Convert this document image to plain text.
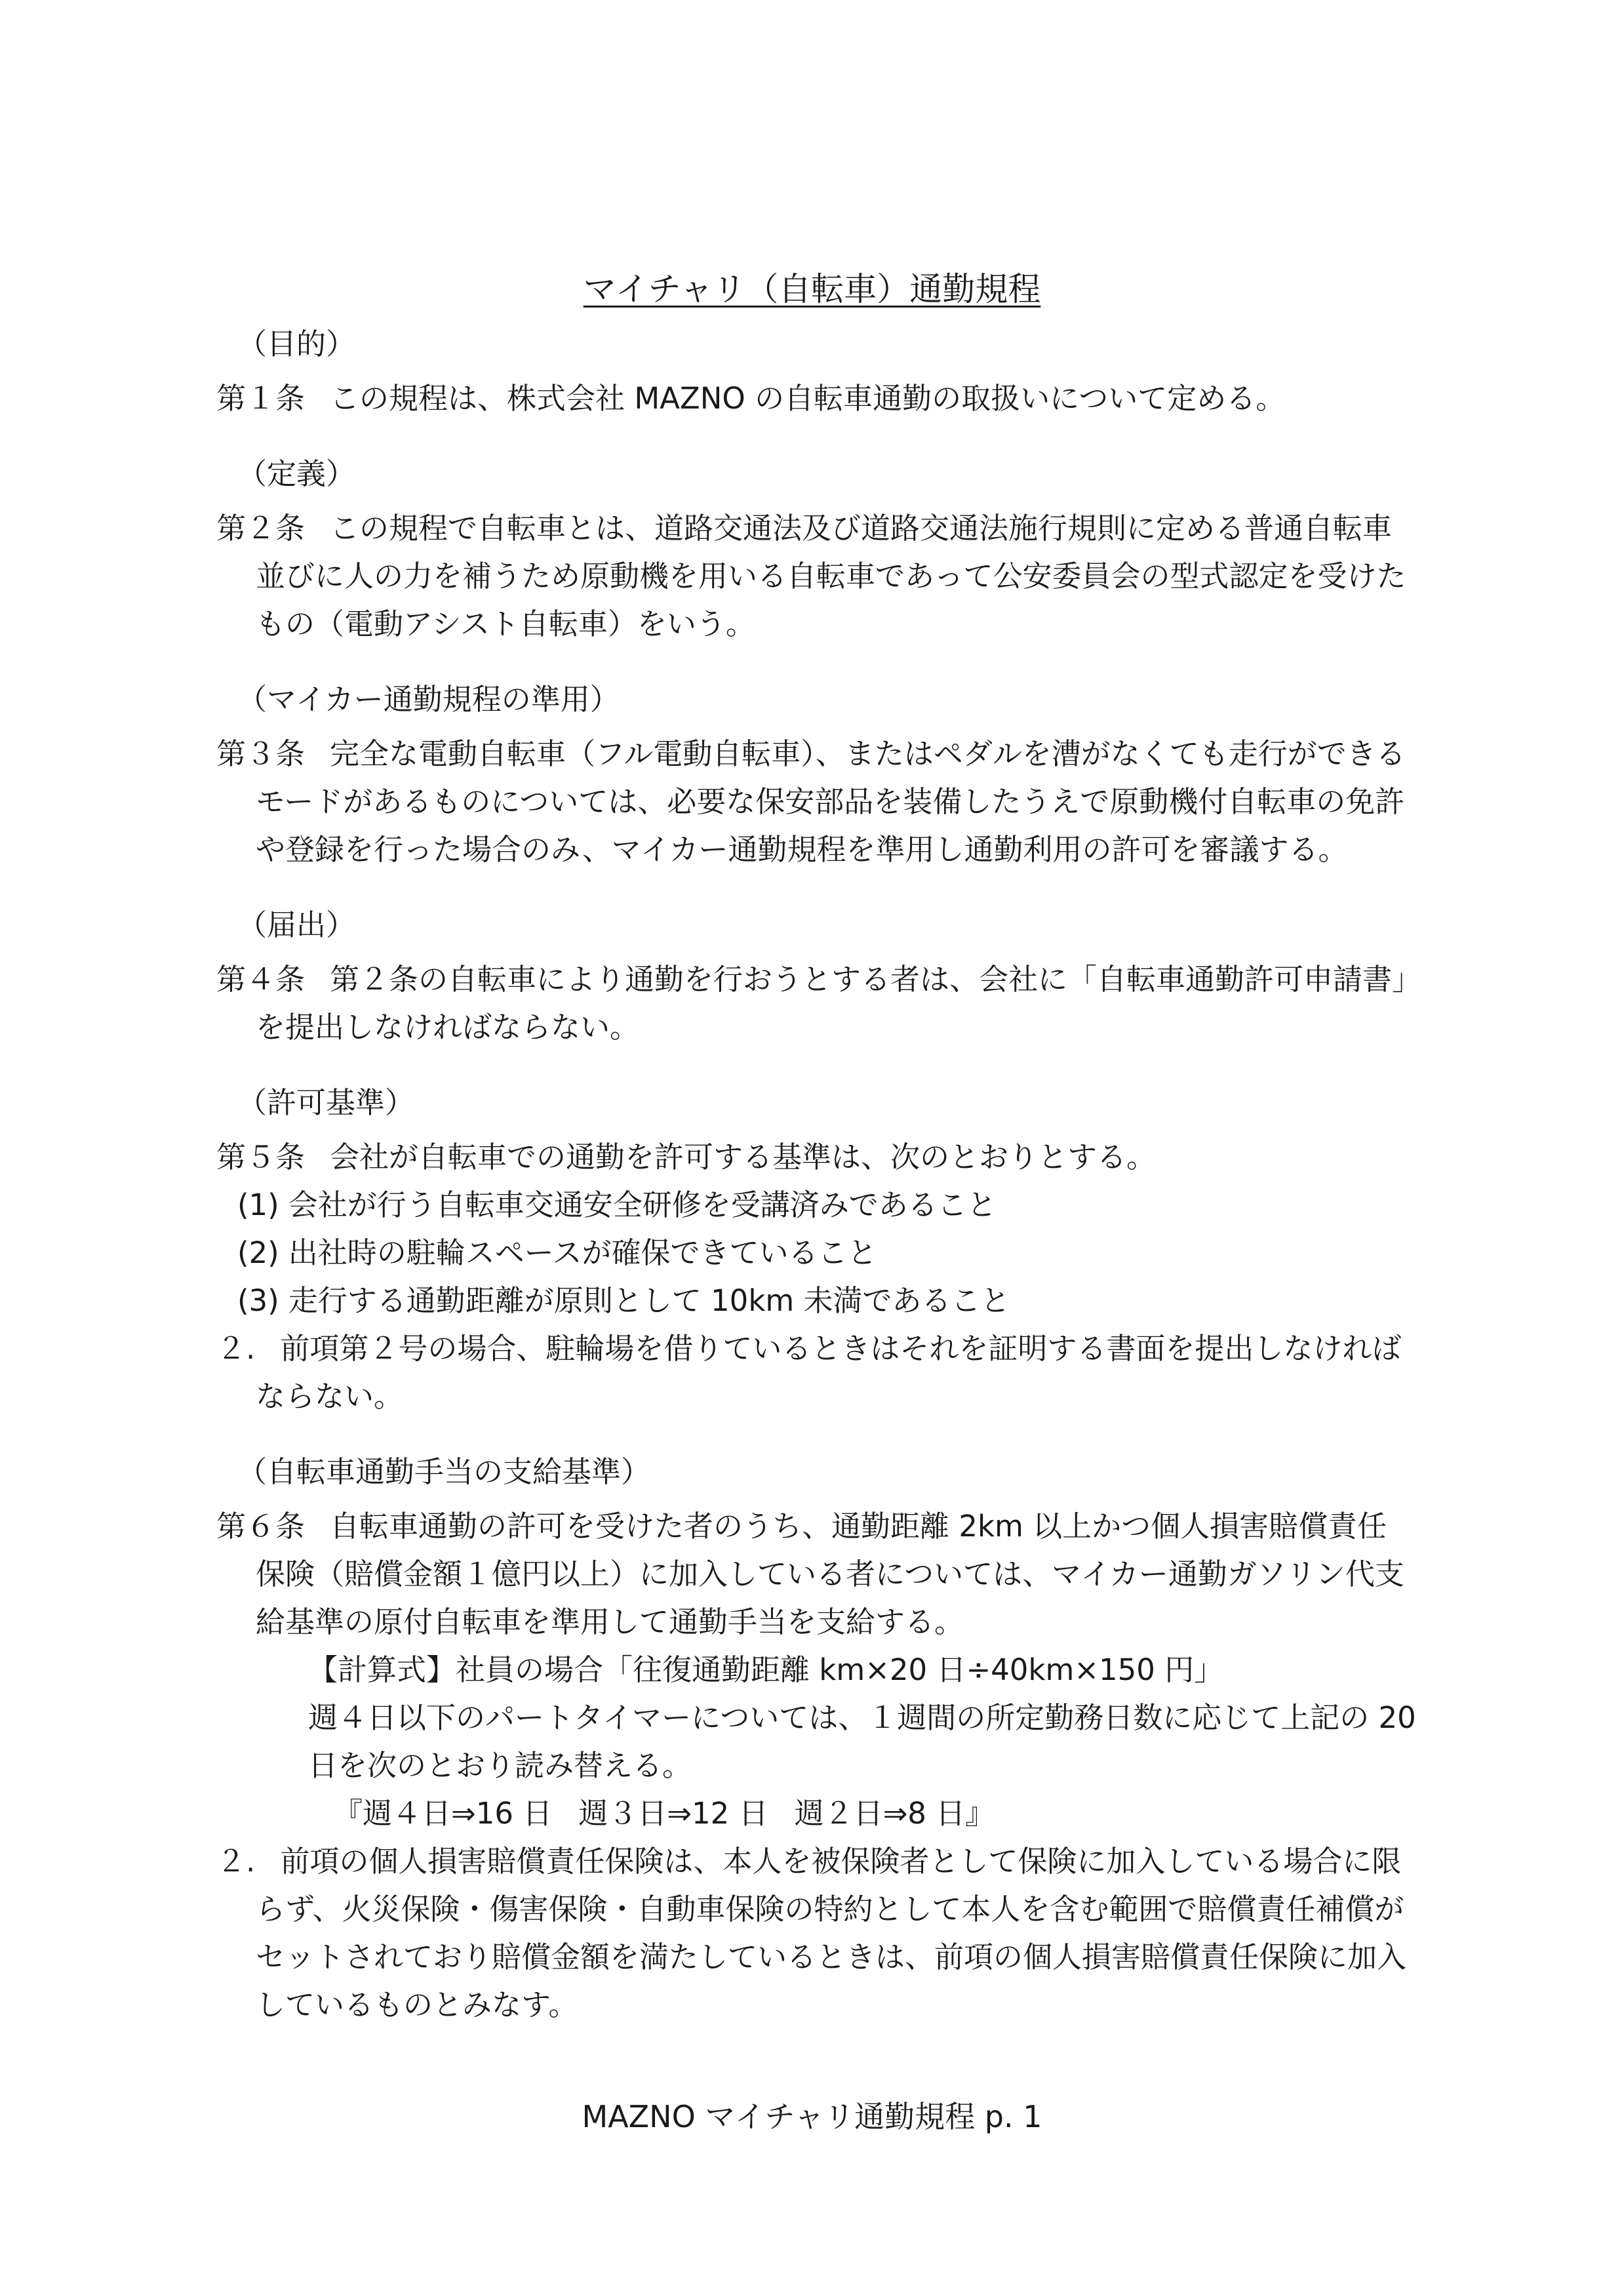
マイチャリ（自転車）通勤規程
（目的）
第１条 この規程は、株式会社 MAZNO の自転車通勤の取扱いについて定める。
（定義）
第２条 この規程で自転車とは、道路交通法及び道路交通法施行規則に定める普通自転車並びに人の力を補うため原動機を用いる自転車であって公安委員会の型式認定を受けたもの（電動アシスト自転車）をいう。
（マイカー通勤規程の準用）
第３条 完全な電動自転車（フル電動自転車）、またはペダルを漕がなくても走行ができるモードがあるものについては、必要な保安部品を装備したうえで原動機付自転車の免許や登録を行った場合のみ、マイカー通勤規程を準用し通勤利用の許可を審議する。
（届出）
第４条 第２条の自転車により通勤を行おうとする者は、会社に「自転車通勤許可申請書」を提出しなければならない。
（許可基準）
第５条 会社が自転車での通勤を許可する基準は、次のとおりとする。
(1) 会社が行う自転車交通安全研修を受講済みであること
(2) 出社時の駐輪スペースが確保できていること
(3) 走行する通勤距離が原則として 10km 未満であること
２. 前項第２号の場合、駐輪場を借りているときはそれを証明する書面を提出しなければならない。
（自転車通勤手当の支給基準）
第６条 自転車通勤の許可を受けた者のうち、通勤距離 2km 以上かつ個人損害賠償責任保険（賠償金額１億円以上）に加入している者については、マイカー通勤ガソリン代支給基準の原付自転車を準用して通勤手当を支給する。
【計算式】社員の場合「往復通勤距離 km×20 日÷40km×150 円」
週４日以下のパートタイマーについては、１週間の所定勤務日数に応じて上記の 20 日を次のとおり読み替える。
『週４日⇒16 日 週３日⇒12 日 週２日⇒8 日』
２. 前項の個人損害賠償責任保険は、本人を被保険者として保険に加入している場合に限らず、火災保険・傷害保険・自動車保険の特約として本人を含む範囲で賠償責任補償がセットされており賠償金額を満たしているときは、前項の個人損害賠償責任保険に加入しているものとみなす。
MAZNO マイチャリ通勤規程 p. 1
